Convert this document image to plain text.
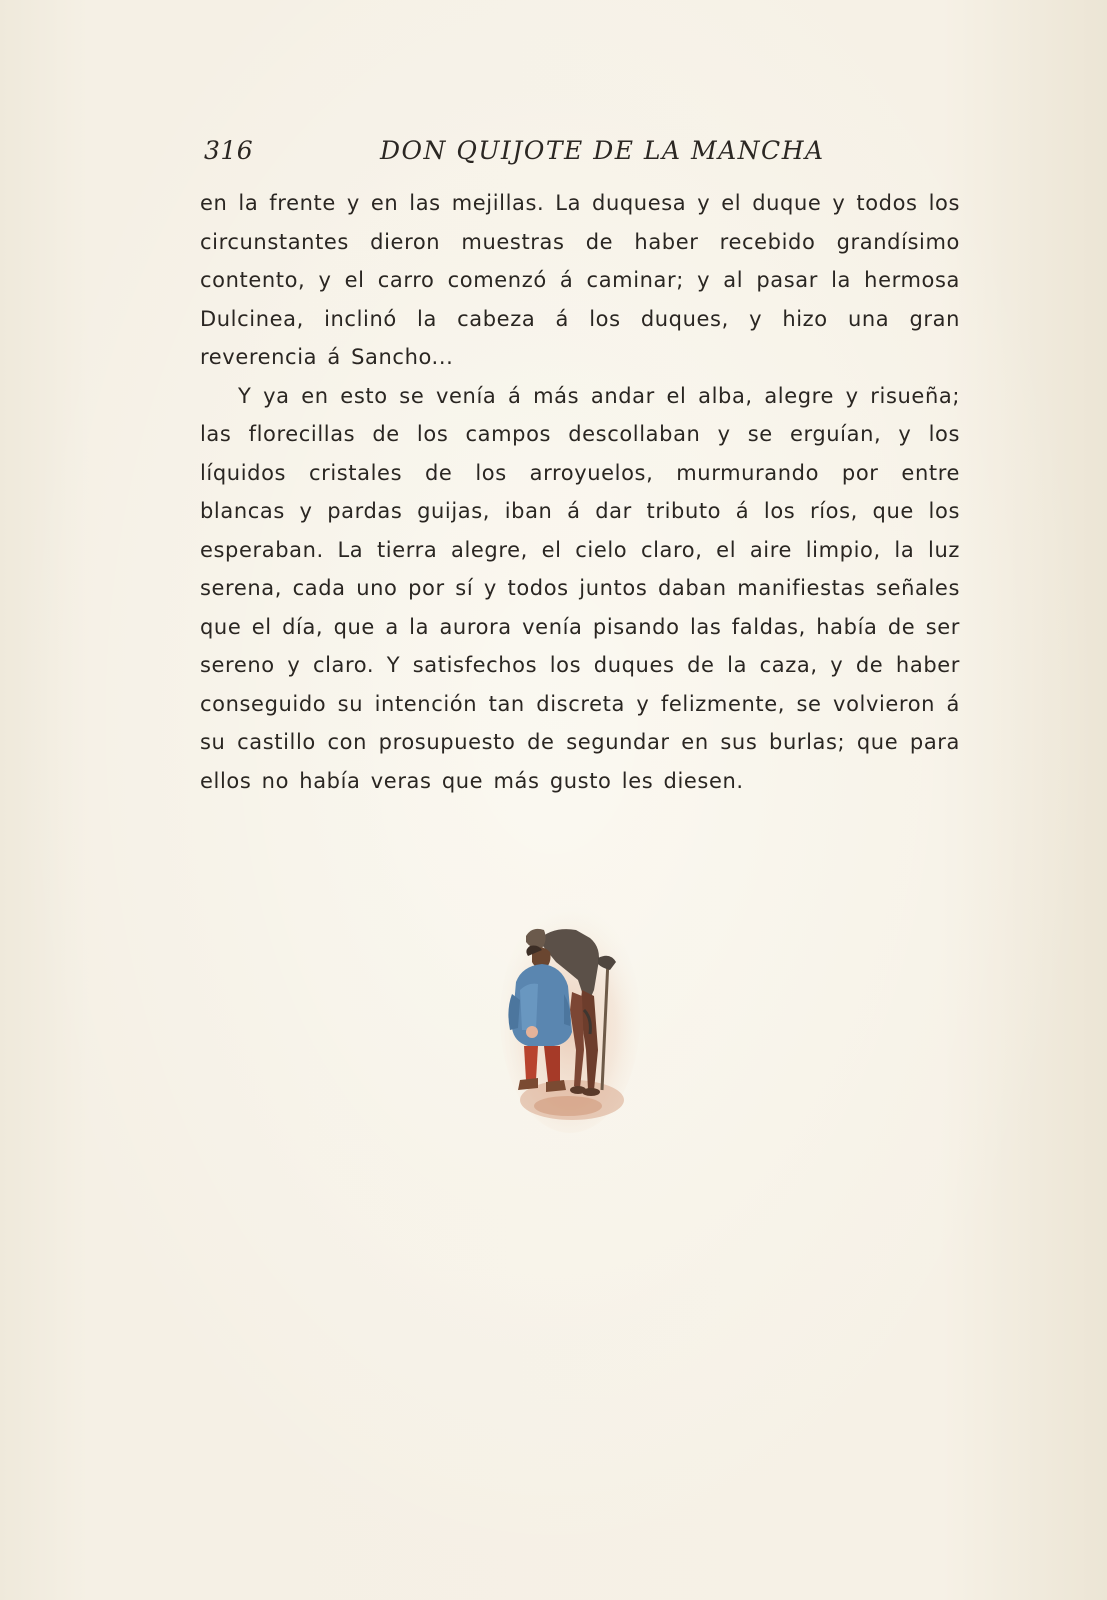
316	DON QUIJOTE DE LA MANCHA

en la frente y en las mejillas. La duquesa y el duque y todos los circunstantes dieron muestras de haber recebido grandísimo contento, y el carro comenzó á caminar; y al pasar la hermosa Dulcinea, inclinó la cabeza á los duques, y hizo una gran reverencia á Sancho...

Y ya en esto se venía á más andar el alba, alegre y risueña; las florecillas de los campos descollaban y se erguían, y los líquidos cristales de los arroyuelos, murmurando por entre blancas y pardas guijas, iban á dar tributo á los ríos, que los esperaban. La tierra alegre, el cielo claro, el aire limpio, la luz serena, cada uno por sí y todos juntos daban manifiestas señales que el día, que a la aurora venía pisando las faldas, había de ser sereno y claro. Y satisfechos los duques de la caza, y de haber conseguido su intención tan discreta y felizmente, se volvieron á su castillo con prosupuesto de segundar en sus burlas; que para ellos no había veras que más gusto les diesen.
